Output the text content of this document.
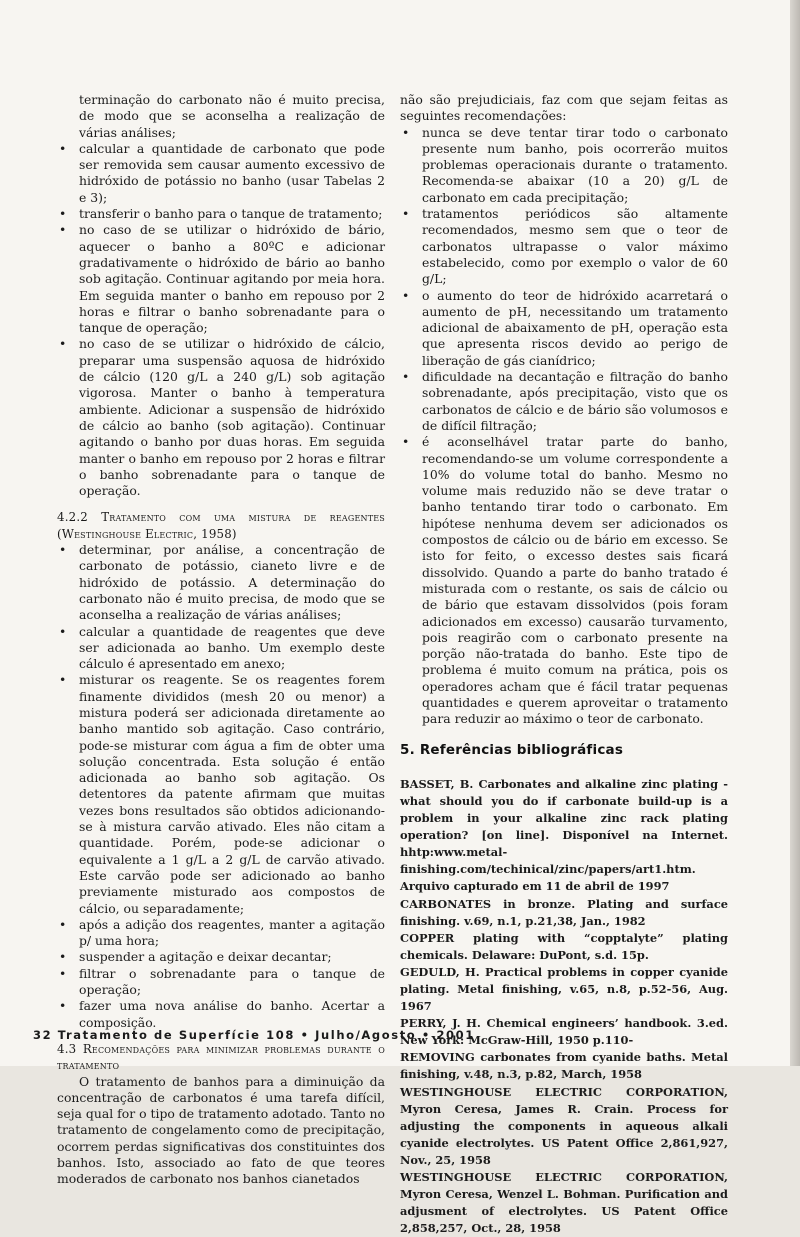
terminação do carbonato não é muito precisa, de modo que se aconselha a realização de várias análises;

• calcular a quantidade de carbonato que pode ser removida sem causar aumento excessivo de hidróxido de potássio no banho (usar Tabelas 2 e 3);
• transferir o banho para o tanque de tratamento;
• no caso de se utilizar o hidróxido de bário, aquecer o banho a 80ºC e adicionar gradativamente o hidróxido de bário ao banho sob agitação. Continuar agitando por meia hora. Em seguida manter o banho em repouso por 2 horas e filtrar o banho sobrenadante para o tanque de operação;
• no caso de se utilizar o hidróxido de cálcio, preparar uma suspensão aquosa de hidróxido de cálcio (120 g/L a 240 g/L) sob agitação vigorosa. Manter o banho à temperatura ambiente. Adicionar a suspensão de hidróxido de cálcio ao banho (sob agitação). Continuar agitando o banho por duas horas. Em seguida manter o banho em repouso por 2 horas e filtrar o banho sobrenadante para o tanque de operação.

4.2.2 Tratamento com uma mistura de reagentes (Westinghouse Electric, 1958)

• determinar, por análise, a concentração de carbonato de potássio, cianeto livre e de hidróxido de potássio. A determinação do carbonato não é muito precisa, de modo que se aconselha a realização de várias análises;
• calcular a quantidade de reagentes que deve ser adicionada ao banho. Um exemplo deste cálculo é apresentado em anexo;
• misturar os reagente. Se os reagentes forem finamente divididos (mesh 20 ou menor) a mistura poderá ser adicionada diretamente ao banho mantido sob agitação. Caso contrário, pode-se misturar com água a fim de obter uma solução concentrada. Esta solução é então adicionada ao banho sob agitação. Os detentores da patente afirmam que muitas vezes bons resultados são obtidos adicionando-se à mistura carvão ativado. Eles não citam a quantidade. Porém, pode-se adicionar o equivalente a 1 g/L a 2 g/L de carvão ativado. Este carvão pode ser adicionado ao banho previamente misturado aos compostos de cálcio, ou separadamente;
• após a adição dos reagentes, manter a agitação p/ uma hora;
• suspender a agitação e deixar decantar;
• filtrar o sobrenadante para o tanque de operação;
• fazer uma nova análise do banho. Acertar a composição.

4.3 Recomendações para minimizar problemas durante o tratamento

O tratamento de banhos para a diminuição da concentração de carbonatos é uma tarefa difícil, seja qual for o tipo de tratamento adotado. Tanto no tratamento de congelamento como de precipitação, ocorrem perdas significativas dos constituintes dos banhos. Isto, associado ao fato de que teores moderados de carbonato nos banhos cianetados

não são prejudiciais, faz com que sejam feitas as seguintes recomendações:

• nunca se deve tentar tirar todo o carbonato presente num banho, pois ocorrerão muitos problemas operacionais durante o tratamento. Recomenda-se abaixar (10 a 20) g/L de carbonato em cada precipitação;
• tratamentos periódicos são altamente recomendados, mesmo sem que o teor de carbonatos ultrapasse o valor máximo estabelecido, como por exemplo o valor de 60 g/L;
• o aumento do teor de hidróxido acarretará o aumento de pH, necessitando um tratamento adicional de abaixamento de pH, operação esta que apresenta riscos devido ao perigo de liberação de gás cianídrico;
• dificuldade na decantação e filtração do banho sobrenadante, após precipitação, visto que os carbonatos de cálcio e de bário são volumosos e de difícil filtração;
• é aconselhável tratar parte do banho, recomendando-se um volume correspondente a 10% do volume total do banho. Mesmo no volume mais reduzido não se deve tratar o banho tentando tirar todo o carbonato. Em hipótese nenhuma devem ser adicionados os compostos de cálcio ou de bário em excesso. Se isto for feito, o excesso destes sais ficará dissolvido. Quando a parte do banho tratado é misturada com o restante, os sais de cálcio ou de bário que estavam dissolvidos (pois foram adicionados em excesso) causarão turvamento, pois reagirão com o carbonato presente na porção não-tratada do banho. Este tipo de problema é muito comum na prática, pois os operadores acham que é fácil tratar pequenas quantidades e querem aproveitar o tratamento para reduzir ao máximo o teor de carbonato.
5. Referências bibliográficas

BASSET, B. Carbonates and alkaline zinc plating - what should you do if carbonate build-up is a problem in your alkaline zinc rack plating operation? [on line]. Disponível na Internet. hhtp:www.metal-finishing.com/techinical/zinc/papers/art1.htm. Arquivo capturado em 11 de abril de 1997

CARBONATES in bronze. Plating and surface finishing. v.69, n.1, p.21,38, Jan., 1982

COPPER plating with “copptalyte” plating chemicals. Delaware: DuPont, s.d. 15p.

GEDULD, H. Practical problems in copper cyanide plating. Metal finishing, v.65, n.8, p.52-56, Aug. 1967

PERRY, J. H. Chemical engineers’ handbook. 3.ed. New York: McGraw-Hill, 1950 p.110-

REMOVING carbonates from cyanide baths. Metal finishing, v.48, n.3, p.82, March, 1958

WESTINGHOUSE ELECTRIC CORPORATION, Myron Ceresa, James R. Crain. Process for adjusting the components in aqueous alkali cyanide electrolytes. US Patent Office 2,861,927, Nov., 25, 1958

WESTINGHOUSE ELECTRIC CORPORATION, Myron Ceresa, Wenzel L. Bohman. Purification and adjusment of electrolytes. US Patent Office 2,858,257, Oct., 28, 1958

32 Tratamento de Superfície 108 • Julho/Agosto • 2001
